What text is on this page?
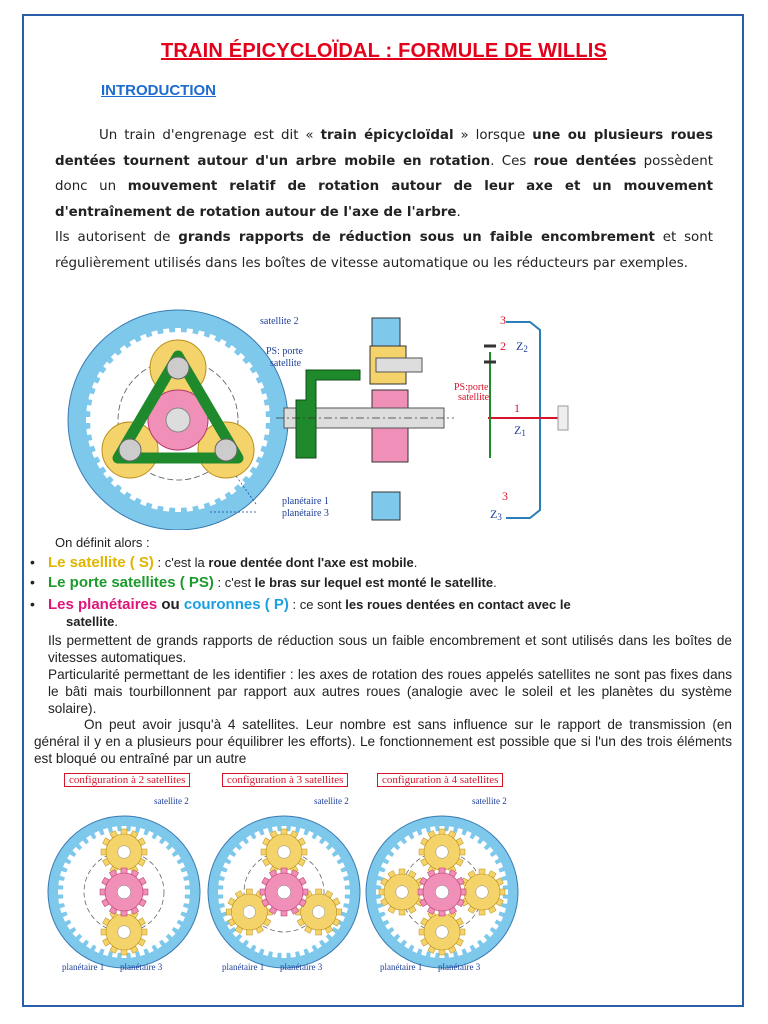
TRAIN ÉPICYCLOÏDAL : FORMULE DE WILLIS
INTRODUCTION
Un train d'engrenage est dit « train épicycloïdal » lorsque une ou plusieurs roues dentées tournent autour d'un arbre mobile en rotation. Ces roue dentées possèdent donc un mouvement relatif de rotation autour de leur axe et un mouvement d'entraînement de rotation autour de l'axe de l'arbre.
Ils autorisent de grands rapports de réduction sous un faible encombrement et sont régulièrement utilisés dans les boîtes de vitesse automatique ou les réducteurs par exemples.
satellite 2
PS: porte
satellite
planétaire 1
planétaire 3
3
2 Z2
PS:porte
satellite
1
Z1
3
Z3
On définit alors :
• Le satellite ( S) : c'est la roue dentée dont l'axe est mobile.
• Le porte satellites ( PS) : c'est le bras sur lequel est monté le satellite.
• Les planétaires ou couronnes ( P) : ce sont les roues dentées en contact avec le
satellite.
Ils permettent de grands rapports de réduction sous un faible encombrement et sont utilisés dans les boîtes de vitesses automatiques.
Particularité permettant de les identifier : les axes de rotation des roues appelés satellites ne sont pas fixes dans le bâti mais tourbillonnent par rapport aux autres roues (analogie avec le soleil et les planètes du système solaire).
On peut avoir jusqu'à 4 satellites. Leur nombre est sans influence sur le rapport de transmission (en général il y en a plusieurs pour équilibrer les efforts). Le fonctionnement est possible que si l'un des trois éléments est bloqué ou entraîné par un autre
configuration à 2 satellites	configuration à 3 satellites	configuration à 4 satellites
satellite 2
planétaire 1 planétaire 3
satellite 2
planétaire 1 planétaire 3
satellite 2
planétaire 1 planétaire 3
